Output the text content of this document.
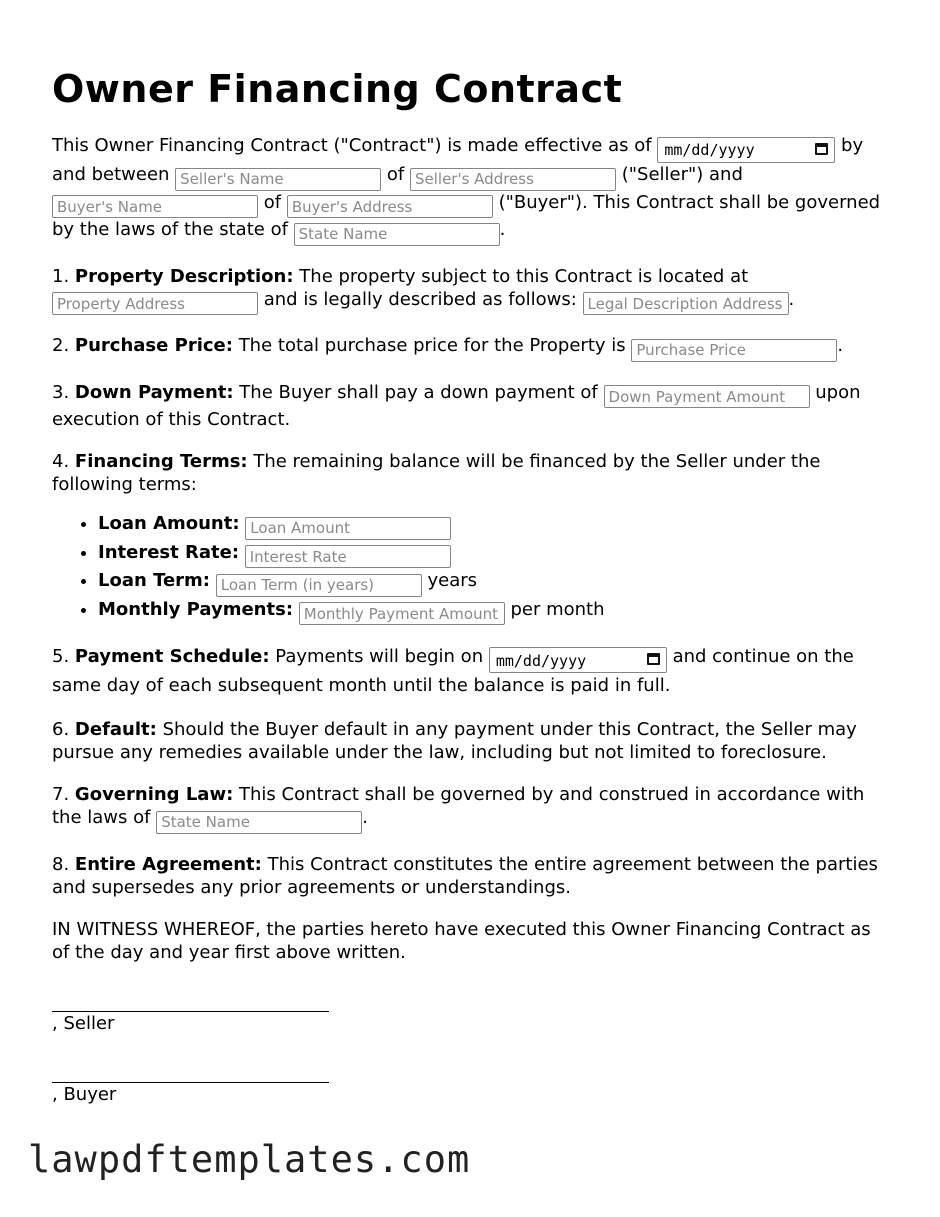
Owner Financing Contract

This Owner Financing Contract ("Contract") is made effective as of mm/dd/yyyy	by and between Seller's Name	of Seller's Address	("Seller") and Buyer's Name of Buyer's Address	("Buyer"). This Contract shall be governed by the laws of the state of State Name	.

1. Property Description: The property subject to this Contract is located at Property Address and is legally described as follows: Legal Description Address	.

2. Purchase Price: The total purchase price for the Property is Purchase Price	.

3. Down Payment: The Buyer shall pay a down payment of Down Payment Amount	upon execution of this Contract.

4. Financing Terms: The remaining balance will be financed by the Seller under the following terms:

• Loan Amount: Loan Amount
• Interest Rate: Interest Rate
• Loan Term: Loan Term (in years)	years
• Monthly Payments: Monthly Payment Amount	per month

5. Payment Schedule: Payments will begin on mm/dd/yyyy	and continue on the same day of each subsequent month until the balance is paid in full.

6. Default: Should the Buyer default in any payment under this Contract, the Seller may pursue any remedies available under the law, including but not limited to foreclosure.

7. Governing Law: This Contract shall be governed by and construed in accordance with the laws of State Name	.

8. Entire Agreement: This Contract constitutes the entire agreement between the parties and supersedes any prior agreements or understandings.

IN WITNESS WHEREOF, the parties hereto have executed this Owner Financing Contract as of the day and year first above written.

, Seller

, Buyer

lawpdftemplates.com
